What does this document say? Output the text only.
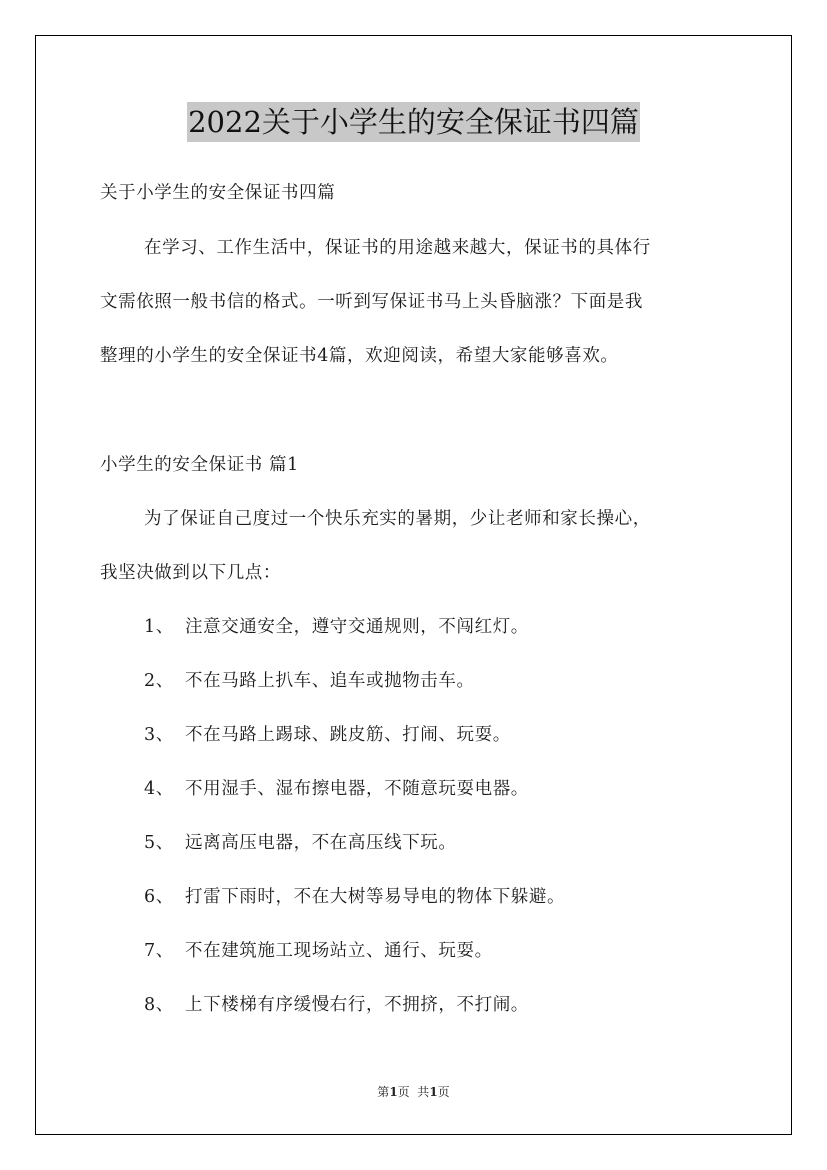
2022关于小学生的安全保证书四篇
关于小学生的安全保证书四篇
在学习、工作生活中，保证书的用途越来越大，保证书的具体行
文需依照一般书信的格式。一听到写保证书马上头昏脑涨？下面是我
整理的小学生的安全保证书4篇，欢迎阅读，希望大家能够喜欢。
小学生的安全保证书 篇1
为了保证自己度过一个快乐充实的暑期，少让老师和家长操心，
我坚决做到以下几点：
1、 注意交通安全，遵守交通规则，不闯红灯。
2、 不在马路上扒车、追车或抛物击车。
3、 不在马路上踢球、跳皮筋、打闹、玩耍。
4、 不用湿手、湿布擦电器，不随意玩耍电器。
5、 远离高压电器，不在高压线下玩。
6、 打雷下雨时，不在大树等易导电的物体下躲避。
7、 不在建筑施工现场站立、通行、玩耍。
8、 上下楼梯有序缓慢右行，不拥挤，不打闹。
第1页  共1页
